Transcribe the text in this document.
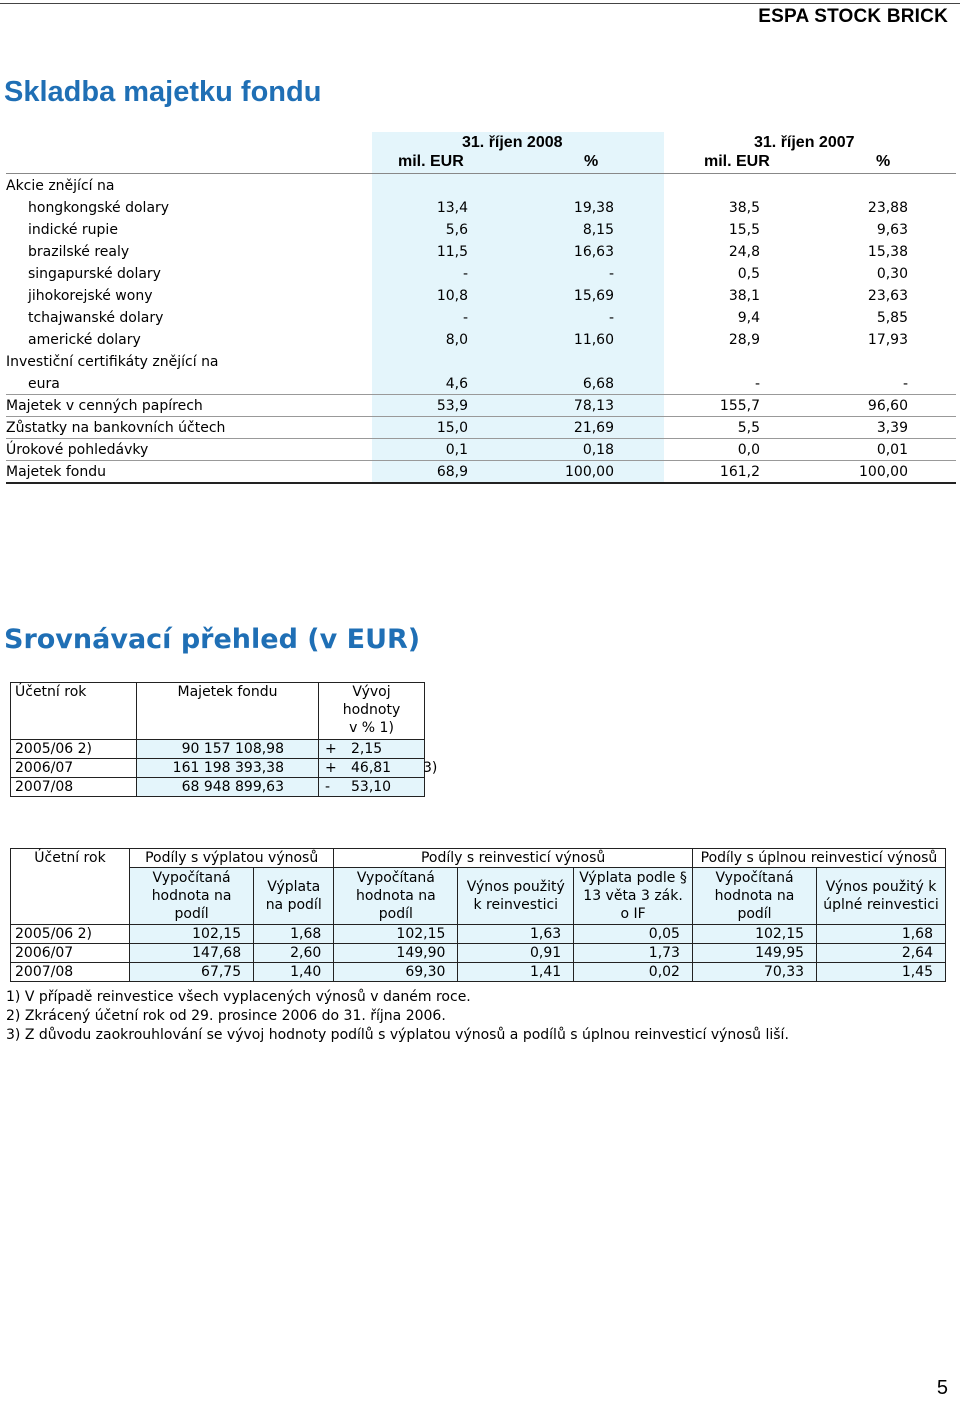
ESPA STOCK BRICK
Skladba majetku fondu
31. říjen 2008	31. říjen 2007
mil. EUR	%	mil. EUR	%
Akcie znějící na
hongkongské dolary	13,4	19,38	38,5	23,88
indické rupie	5,6	8,15	15,5	9,63
brazilské realy	11,5	16,63	24,8	15,38
singapurské dolary	-	-	0,5	0,30
jihokorejské wony	10,8	15,69	38,1	23,63
tchajwanské dolary	-	-	9,4	5,85
americké dolary	8,0	11,60	28,9	17,93
Investiční certifikáty znějící na
eura	4,6	6,68	-	-
Majetek v cenných papírech	53,9	78,13	155,7	96,60
Zůstatky na bankovních účtech	15,0	21,69	5,5	3,39
Úrokové pohledávky	0,1	0,18	0,0	0,01
Majetek fondu	68,9	100,00	161,2	100,00
Srovnávací přehled (v EUR)
Účetní rok	Majetek fondu	Vývoj
hodnoty
v % 1)

2005/06 2)	90 157 108,98	+ 2,15

2006/07	161 198 393,38	+ 46,81 3)

2007/08	68 948 899,63	- 53,10
Účetní rok	Podíly s výplatou výnosů		Podíly s reinvesticí výnosů			Podíly s úplnou reinvesticí výnosů	
	Vypočítaná hodnota na podíl	Výplata na podíl	Vypočítaná hodnota na podíl	Výnos použitý k reinvestici	Výplata podle § 13 věta 3 zák. o IF	Vypočítaná hodnota na podíl	Výnos použitý k úplné reinvestici
2005/06 2)	102,15	1,68	102,15	1,63	0,05	102,15	1,68
2006/07	147,68	2,60	149,90	0,91	1,73	149,95	2,64
2007/08	67,75	1,40	69,30	1,41	0,02	70,33	1,45
1) V případě reinvestice všech vyplacených výnosů v daném roce.
2) Zkrácený účetní rok od 29. prosince 2006 do 31. října 2006.
3) Z důvodu zaokrouhlování se vývoj hodnoty podílů s výplatou výnosů a podílů s úplnou reinvesticí výnosů liší.
5
